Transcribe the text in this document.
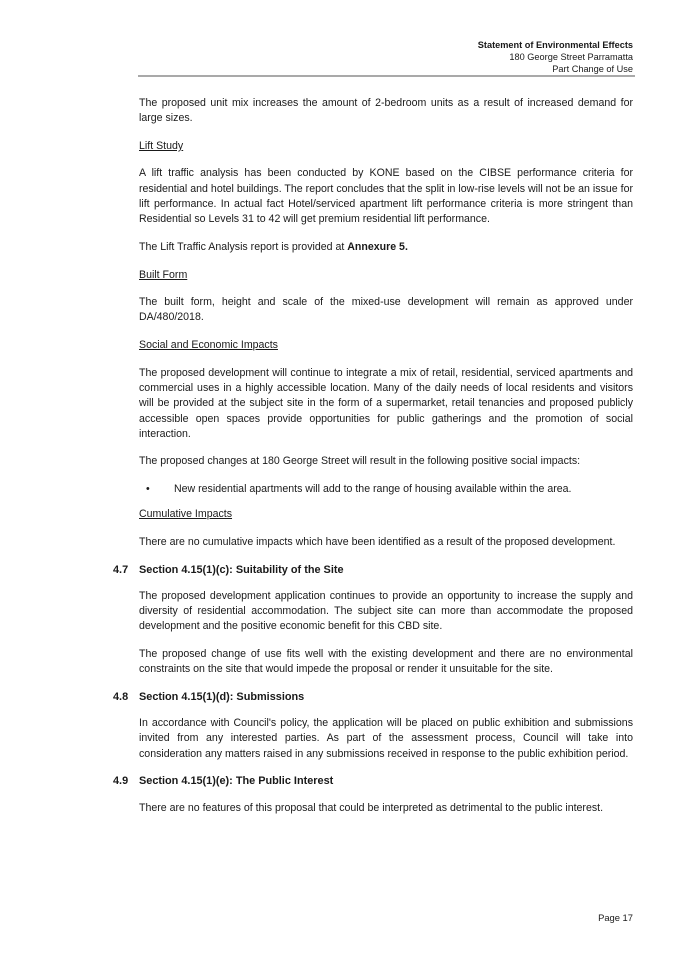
Statement of Environmental Effects
180 George Street Parramatta
Part Change of Use

The proposed unit mix increases the amount of 2-bedroom units as a result of increased demand for large sizes.

Lift Study

A lift traffic analysis has been conducted by KONE based on the CIBSE performance criteria for residential and hotel buildings. The report concludes that the split in low-rise levels will not be an issue for lift performance. In actual fact Hotel/serviced apartment lift performance criteria is more stringent than Residential so Levels 31 to 42 will get premium residential lift performance.

The Lift Traffic Analysis report is provided at Annexure 5.

Built Form

The built form, height and scale of the mixed-use development will remain as approved under DA/480/2018.

Social and Economic Impacts

The proposed development will continue to integrate a mix of retail, residential, serviced apartments and commercial uses in a highly accessible location. Many of the daily needs of local residents and visitors will be provided at the subject site in the form of a supermarket, retail tenancies and proposed publicly accessible open spaces provide opportunities for public gatherings and the promotion of social interaction.

The proposed changes at 180 George Street will result in the following positive social impacts:

• New residential apartments will add to the range of housing available within the area.

Cumulative Impacts

There are no cumulative impacts which have been identified as a result of the proposed development.

4.7 Section 4.15(1)(c): Suitability of the Site

The proposed development application continues to provide an opportunity to increase the supply and diversity of residential accommodation. The subject site can more than accommodate the proposed development and the positive economic benefit for this CBD site.

The proposed change of use fits well with the existing development and there are no environmental constraints on the site that would impede the proposal or render it unsuitable for the site.

4.8 Section 4.15(1)(d): Submissions

In accordance with Council's policy, the application will be placed on public exhibition and submissions invited from any interested parties. As part of the assessment process, Council will take into consideration any matters raised in any submissions received in response to the public exhibition period.

4.9 Section 4.15(1)(e): The Public Interest

There are no features of this proposal that could be interpreted as detrimental to the public interest.

Page 17
